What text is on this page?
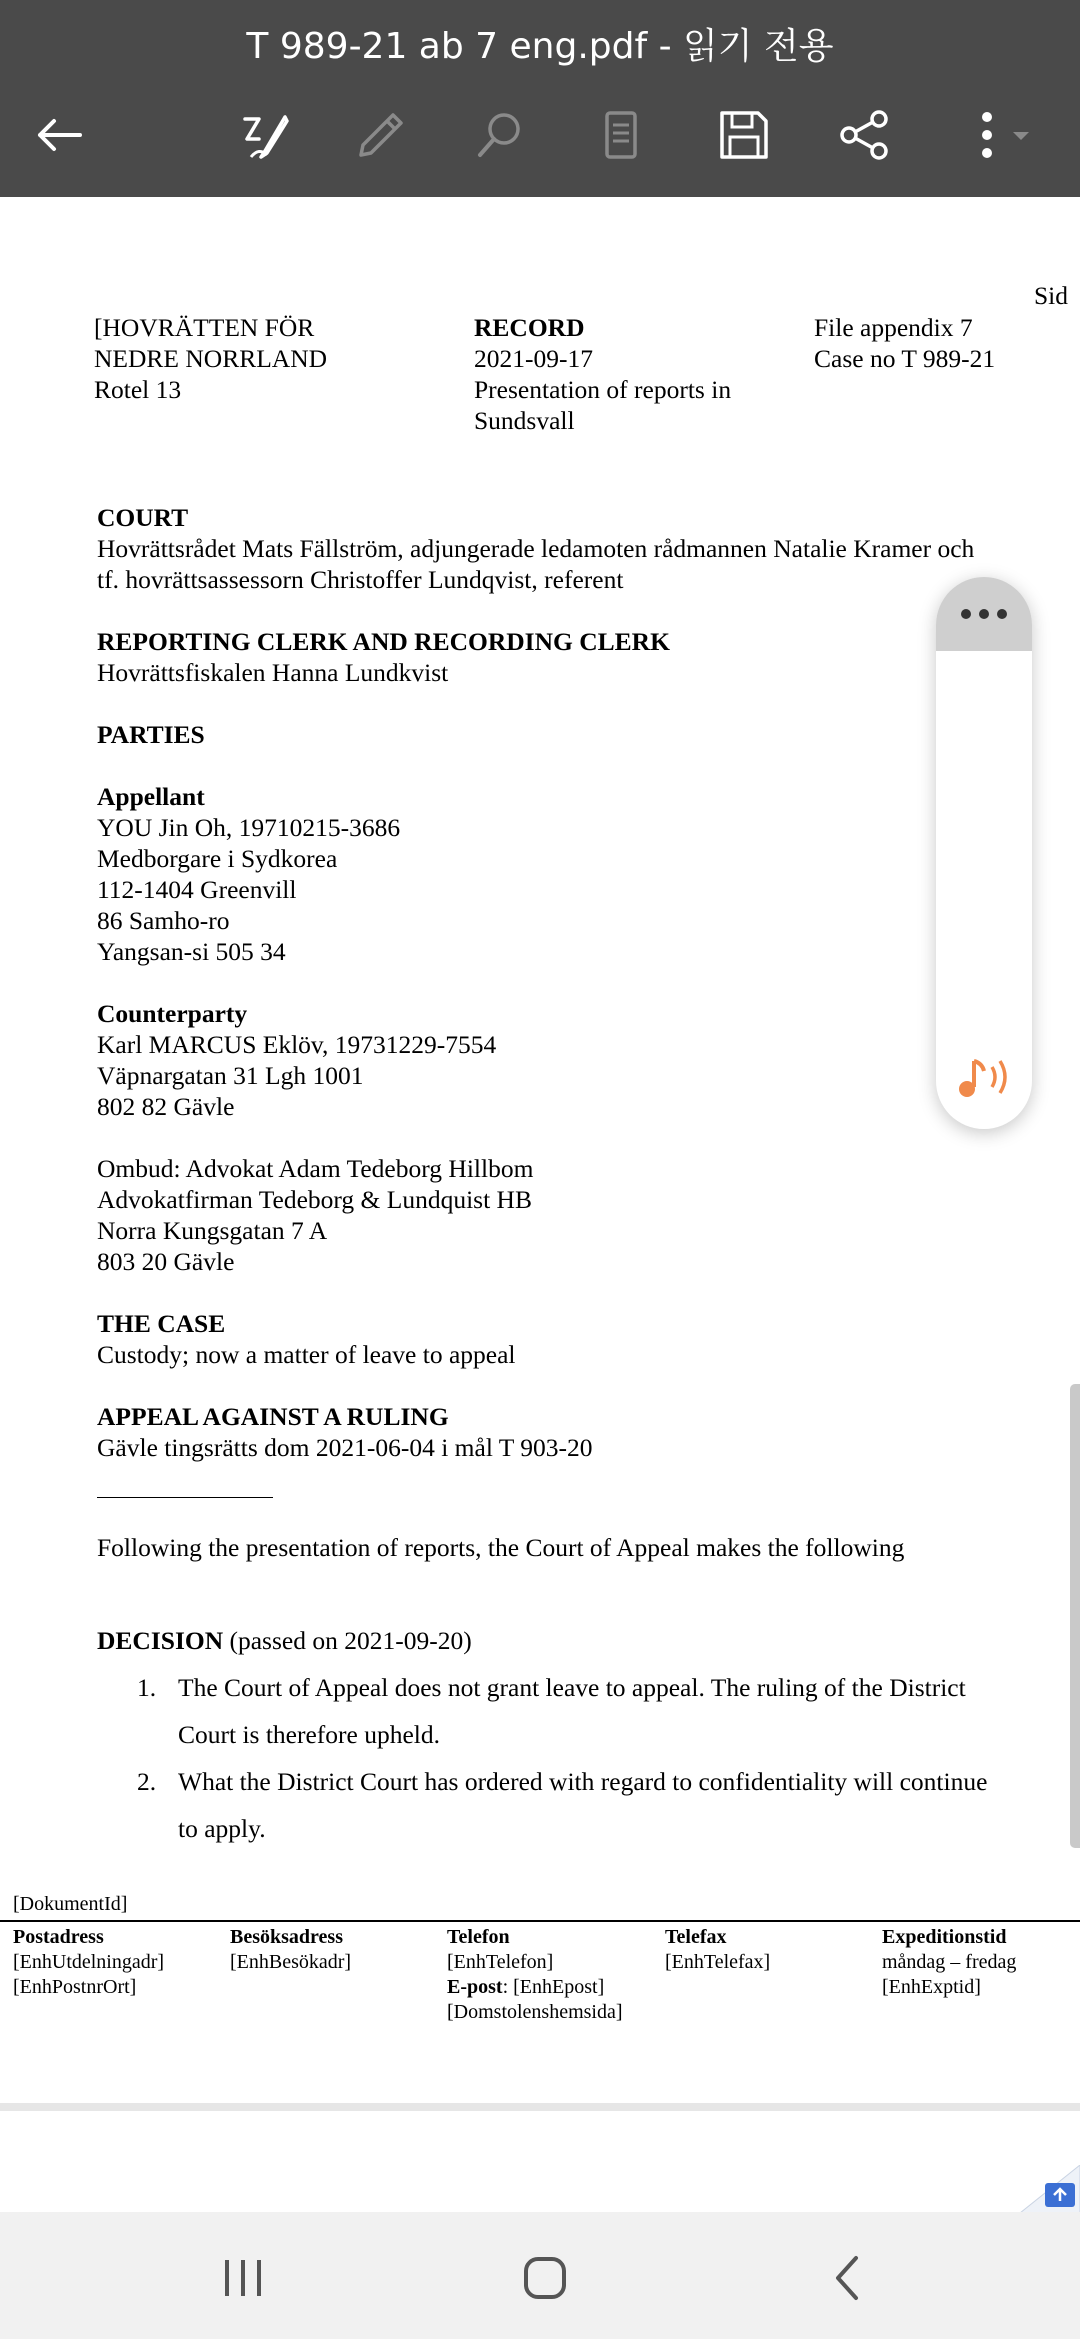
T 989-21 ab 7 eng.pdf - 읽기 전용
Sid
[HOVRÄTTEN FÖR
NEDRE NORRLAND
Rotel 13
RECORD
2021-09-17
Presentation of reports in
Sundsvall
File appendix 7
Case no T 989-21
COURT
Hovrättsrådet Mats Fällström, adjungerade ledamoten rådmannen Natalie Kramer och
tf. hovrättsassessorn Christoffer Lundqvist, referent
REPORTING CLERK AND RECORDING CLERK
Hovrättsfiskalen Hanna Lundkvist
PARTIES
Appellant
YOU Jin Oh, 19710215-3686
Medborgare i Sydkorea
112-1404 Greenvill
86 Samho-ro
Yangsan-si 505 34
Counterparty
Karl MARCUS Eklöv, 19731229-7554
Väpnargatan 31 Lgh 1001
802 82 Gävle
Ombud: Advokat Adam Tedeborg Hillbom
Advokatfirman Tedeborg & Lundquist HB
Norra Kungsgatan 7 A
803 20 Gävle
THE CASE
Custody; now a matter of leave to appeal
APPEAL AGAINST A RULING
Gävle tingsrätts dom 2021-06-04 i mål T 903-20
Following the presentation of reports, the Court of Appeal makes the following
DECISION (passed on 2021-09-20)
1. The Court of Appeal does not grant leave to appeal. The ruling of the District
Court is therefore upheld.
2. What the District Court has ordered with regard to confidentiality will continue
to apply.
[DokumentId]
Postadress
[EnhUtdelningadr]
[EnhPostnrOrt]
Besöksadress
[EnhBesökadr]
Telefon
[EnhTelefon]
E-post: [EnhEpost]
[Domstolenshemsida]
Telefax
[EnhTelefax]
Expeditionstid
måndag – fredag
[EnhExptid]
